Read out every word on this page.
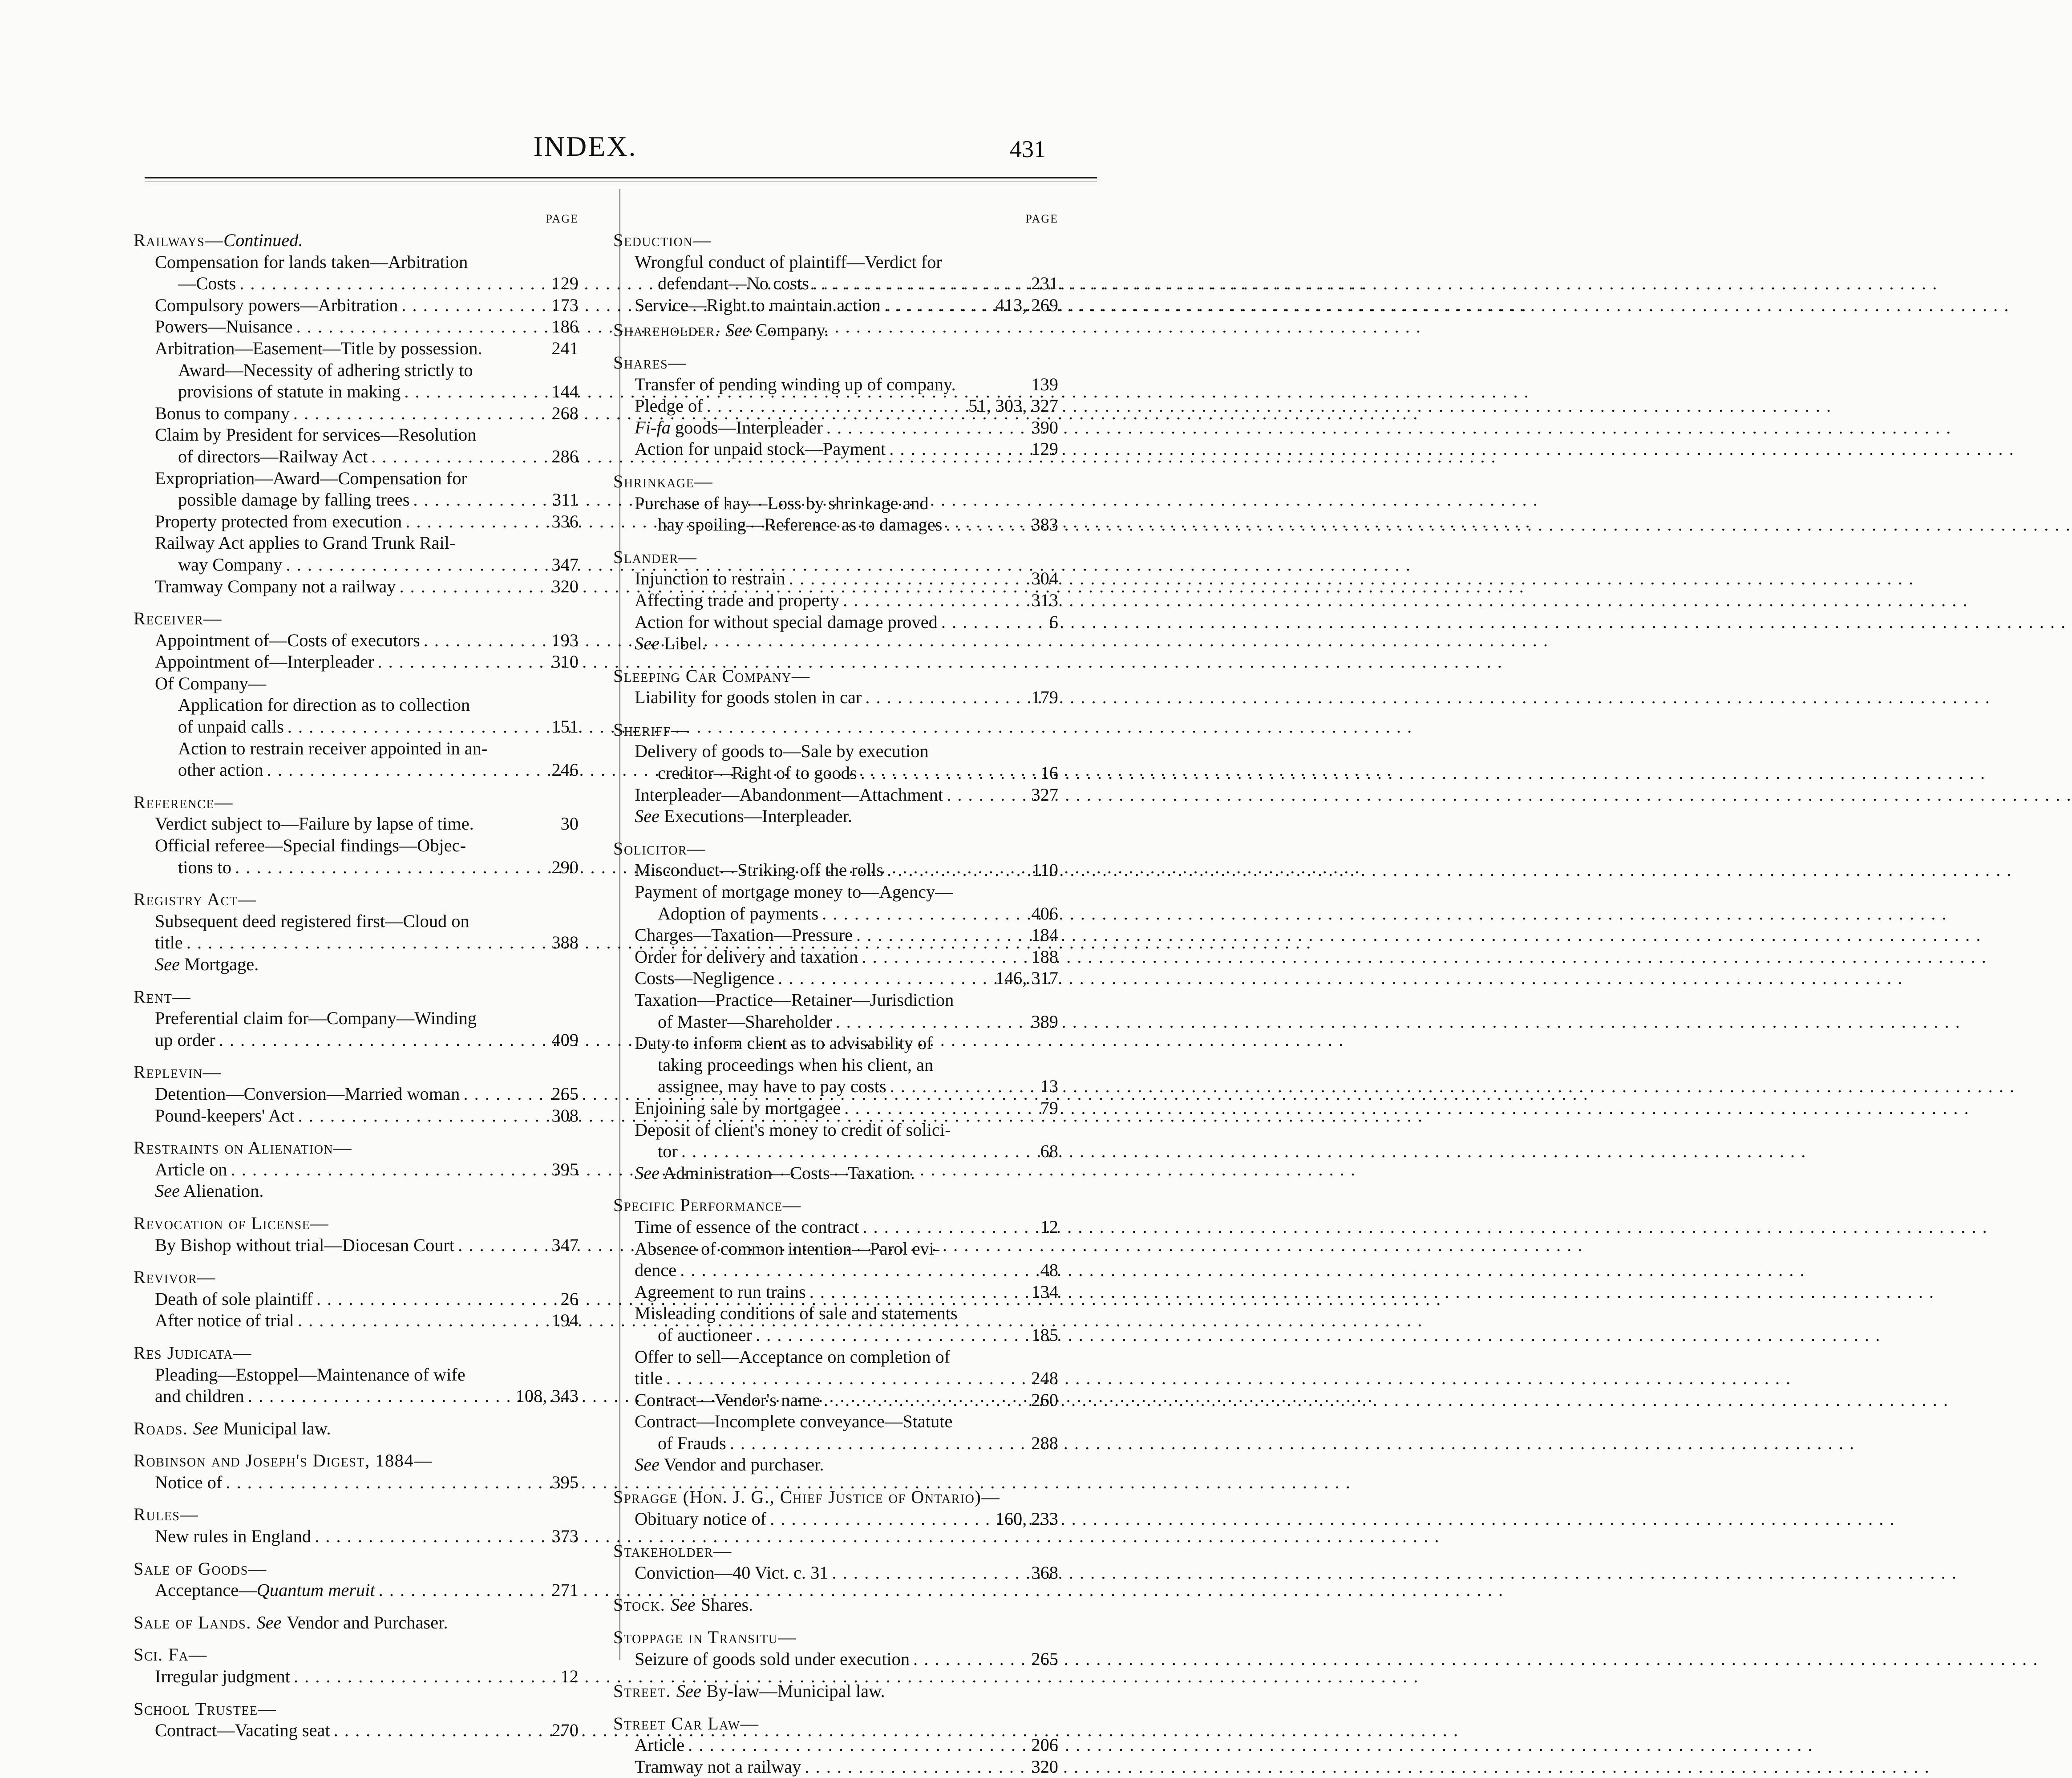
INDEX.	431
PAGE
Railways—Continued.
Compensation for lands taken—Arbitration
—Costs . . .	129
Compulsory powers—Arbitration . . .	173
Powers—Nuisance . . .	186
Arbitration—Easement—Title by possession.	241
Award—Necessity of adhering strictly to
provisions of statute in making . . .	144
Bonus to company . . .	268
Claim by President for services—Resolution
of directors—Railway Act . . .	286
Expropriation—Award—Compensation for
possible damage by falling trees . . .	311
Property protected from execution . . .	336
Railway Act applies to Grand Trunk Rail-
way Company . . .	347
Tramway Company not a railway . . .	320
Receiver—
Appointment of—Costs of executors . . .	193
Appointment of—Interpleader . . .	310
Of Company—
Application for direction as to collection
of unpaid calls . . .	151
Action to restrain receiver appointed in an-
other action . . .	246
Reference—
Verdict subject to—Failure by lapse of time.	30
Official referee—Special findings—Objec-
tions to . . .	290
Registry Act—
Subsequent deed registered first—Cloud on
title . . .	388
See Mortgage.
Rent—
Preferential claim for—Company—Winding
up order . . .	409
Replevin—
Detention—Conversion—Married woman . . .	265
Pound-keepers' Act . . .	308
Restraints on Alienation—
Article on . . .	395
See Alienation.
Revocation of License—
By Bishop without trial—Diocesan Court . . .	347
Revivor—
Death of sole plaintiff . . .	26
After notice of trial . . .	194
Res Judicata—
Pleading—Estoppel—Maintenance of wife
and children . . .	108, 343
Roads. See Municipal law.
Robinson and Joseph's Digest, 1884—
Notice of . . .	395
Rules—
New rules in England . . .	373
Sale of Goods—
Acceptance—Quantum meruit . . .	271
Sale of Lands. See Vendor and Purchaser.
Sci. Fa—
Irregular judgment . . .	12
School Trustee—
Contract—Vacating seat . . .	270
PAGE
Seduction—
Wrongful conduct of plaintiff—Verdict for
defendant—No costs . . .	231
Service—Right to maintain action . . .	413, 269
Shareholder. See Company.
Shares—
Transfer of pending winding up of company.	139
Pledge of . . .	51, 303, 327
Fi-fa goods—Interpleader . . .	390
Action for unpaid stock—Payment . . .	129
Shrinkage—
Purchase of hay—Loss by shrinkage and
hay spoiling—Reference as to damages . . .	383
Slander—
Injunction to restrain . . .	304
Affecting trade and property . . .	313
Action for without special damage proved . . .	6
See Libel.
Sleeping Car Company—
Liability for goods stolen in car . . .	179
Sheriff—
Delivery of goods to—Sale by execution
creditor—Right of to goods . . .	16
Interpleader—Abandonment—Attachment . . .	327
See Executions—Interpleader.
Solicitor—
Misconduct—Striking off the rolls . . .	110
Payment of mortgage money to—Agency—
Adoption of payments . . .	406
Charges—Taxation—Pressure . . .	184
Order for delivery and taxation . . .	188
Costs—Negligence . . .	146, 317
Taxation—Practice—Retainer—Jurisdiction
of Master—Shareholder . . .	389
Duty to inform client as to advisability of
taking proceedings when his client, an
assignee, may have to pay costs . . .	13
Enjoining sale by mortgagee . . .	79
Deposit of client's money to credit of solici-
tor . . .	68
See Administration—Costs—Taxation.
Specific Performance—
Time of essence of the contract . . .	12
Absence of common intention—Parol evi-
dence . . .	48
Agreement to run trains . . .	134
Misleading conditions of sale and statements
of auctioneer . . .	185
Offer to sell—Acceptance on completion of
title . . .	248
Contract—Vendor's name . . .	260
Contract—Incomplete conveyance—Statute
of Frauds . . .	288
See Vendor and purchaser.
Spragge (Hon. J. G., Chief Justice of Ontario)—
Obituary notice of . . .	160, 233
Stakeholder—
Conviction—40 Vict. c. 31 . . .	368
Stock. See Shares.
Stoppage in Transitu—
Seizure of goods sold under execution . . .	265
Street. See By-law—Municipal law.
Street Car Law—
Article . . .	206
Tramway not a railway . . .	320
